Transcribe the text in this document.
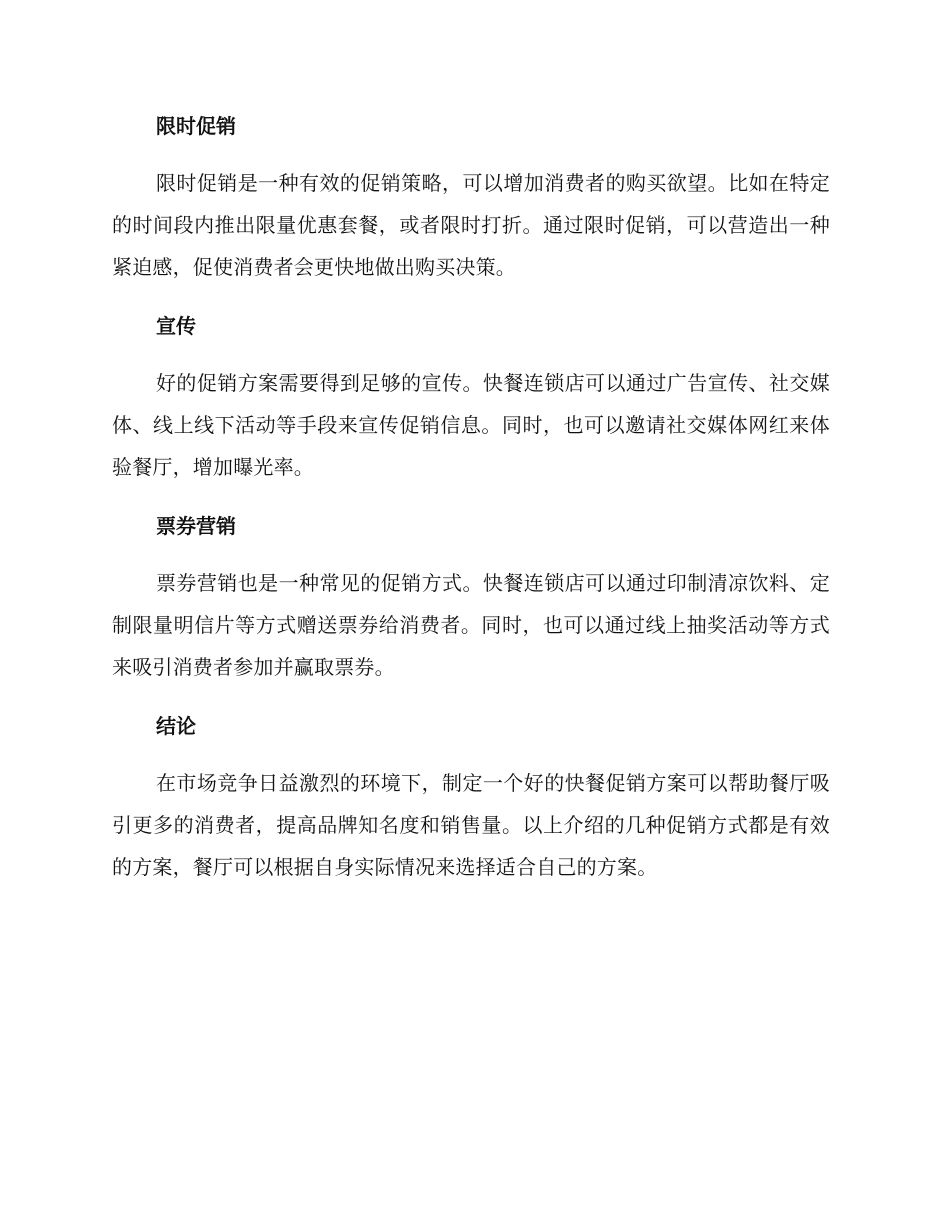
限时促销

限时促销是一种有效的促销策略，可以增加消费者的购买欲望。比如在特定的时间段内推出限量优惠套餐，或者限时打折。通过限时促销，可以营造出一种紧迫感，促使消费者会更快地做出购买决策。

宣传

好的促销方案需要得到足够的宣传。快餐连锁店可以通过广告宣传、社交媒体、线上线下活动等手段来宣传促销信息。同时，也可以邀请社交媒体网红来体验餐厅，增加曝光率。

票券营销

票券营销也是一种常见的促销方式。快餐连锁店可以通过印制清凉饮料、定制限量明信片等方式赠送票券给消费者。同时，也可以通过线上抽奖活动等方式来吸引消费者参加并赢取票券。

结论

在市场竞争日益激烈的环境下，制定一个好的快餐促销方案可以帮助餐厅吸引更多的消费者，提高品牌知名度和销售量。以上介绍的几种促销方式都是有效的方案，餐厅可以根据自身实际情况来选择适合自己的方案。
